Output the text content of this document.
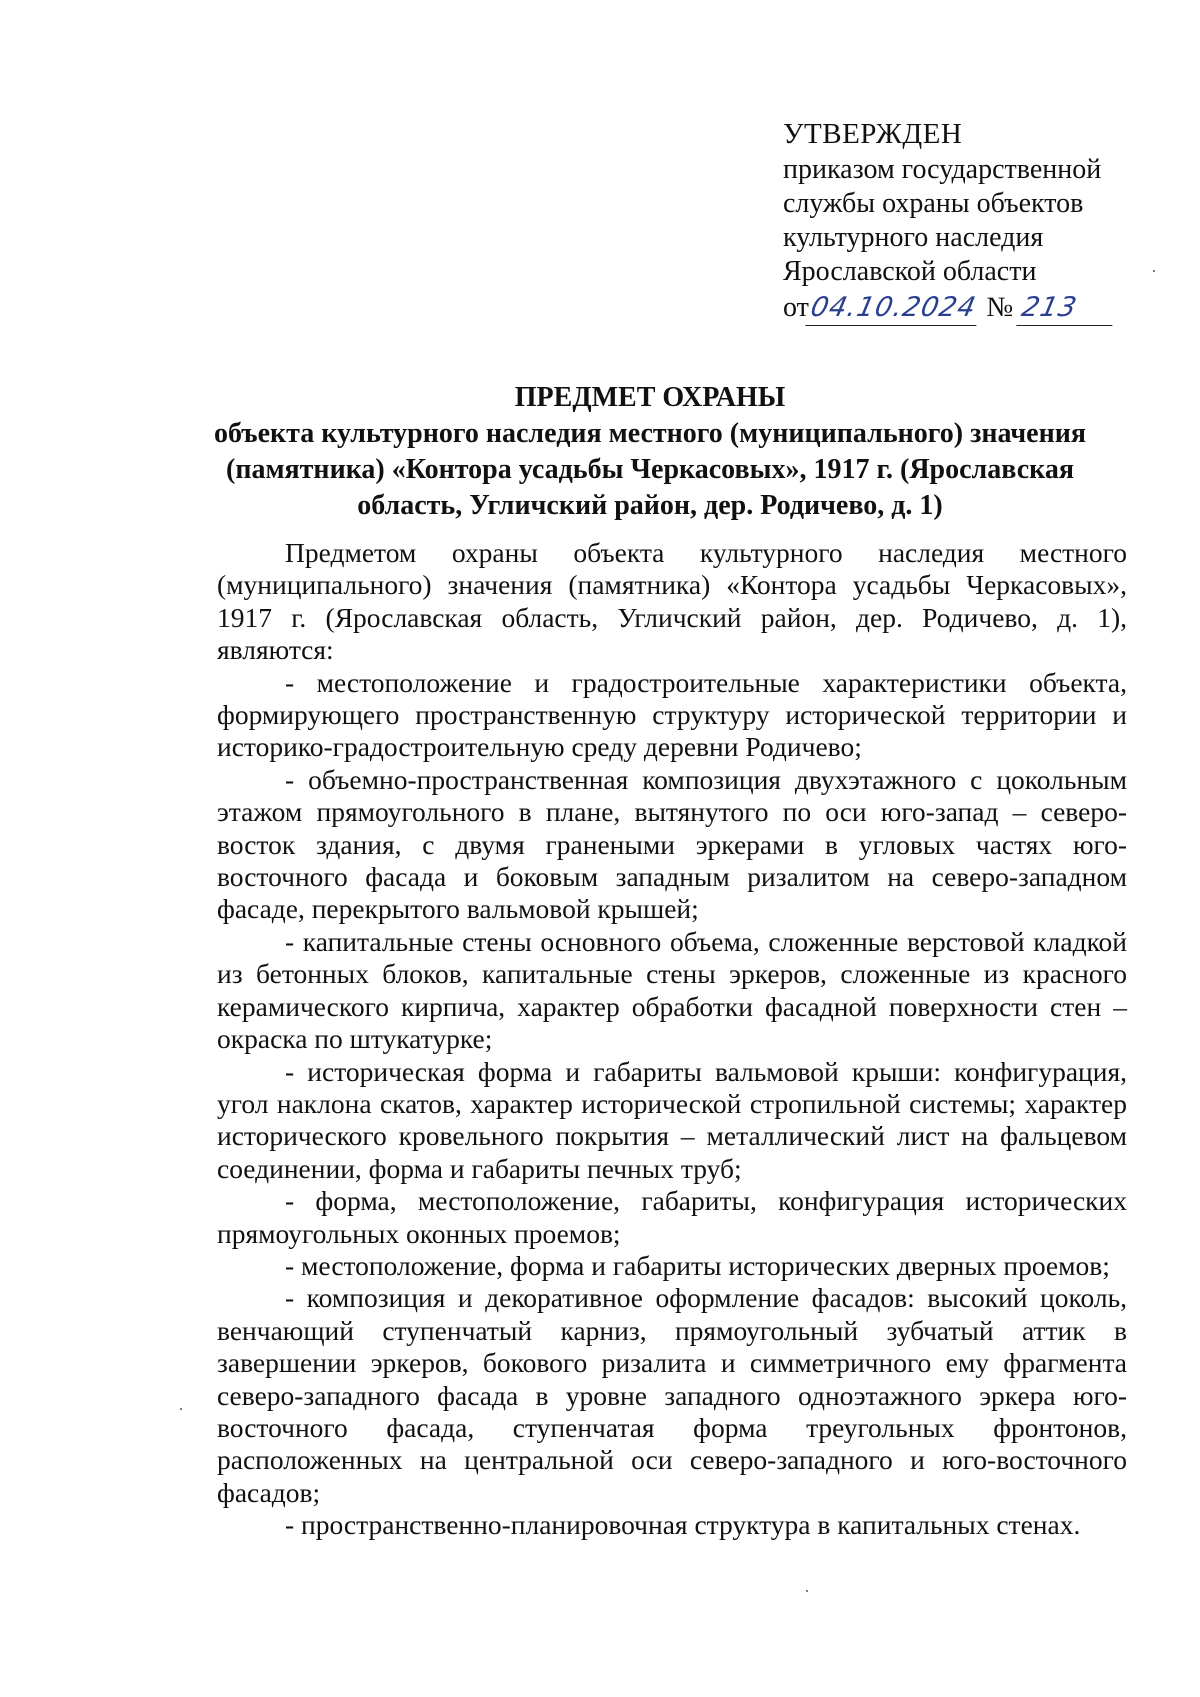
УТВЕРЖДЕН
приказом государственной
службы охраны объектов
культурного наследия
Ярославской области
от04.10.2024 № 213
ПРЕДМЕТ ОХРАНЫ
объекта культурного наследия местного (муниципального) значения (памятника) «Контора усадьбы Черкасовых», 1917 г. (Ярославская область, Угличский район, дер. Родичево, д. 1)

Предметом охраны объекта культурного наследия местного (муниципального) значения (памятника) «Контора усадьбы Черкасовых», 1917 г. (Ярославская область, Угличский район, дер. Родичево, д. 1), являются:

- местоположение и градостроительные характеристики объекта, формирующего пространственную структуру исторической территории и историко-градостроительную среду деревни Родичево;

- объемно-пространственная композиция двухэтажного с цокольным этажом прямоугольного в плане, вытянутого по оси юго-запад – северо-восток здания, с двумя гранеными эркерами в угловых частях юго-восточного фасада и боковым западным ризалитом на северо-западном фасаде, перекрытого вальмовой крышей;

- капитальные стены основного объема, сложенные верстовой кладкой из бетонных блоков, капитальные стены эркеров, сложенные из красного керамического кирпича, характер обработки фасадной поверхности стен – окраска по штукатурке;

- историческая форма и габариты вальмовой крыши: конфигурация, угол наклона скатов, характер исторической стропильной системы; характер исторического кровельного покрытия – металлический лист на фальцевом соединении, форма и габариты печных труб;

- форма, местоположение, габариты, конфигурация исторических прямоугольных оконных проемов;

- местоположение, форма и габариты исторических дверных проемов;

- композиция и декоративное оформление фасадов: высокий цоколь, венчающий ступенчатый карниз, прямоугольный зубчатый аттик в завершении эркеров, бокового ризалита и симметричного ему фрагмента северо-западного фасада в уровне западного одноэтажного эркера юго-восточного фасада, ступенчатая форма треугольных фронтонов, расположенных на центральной оси северо-западного и юго-восточного фасадов;

- пространственно-планировочная структура в капитальных стенах.
